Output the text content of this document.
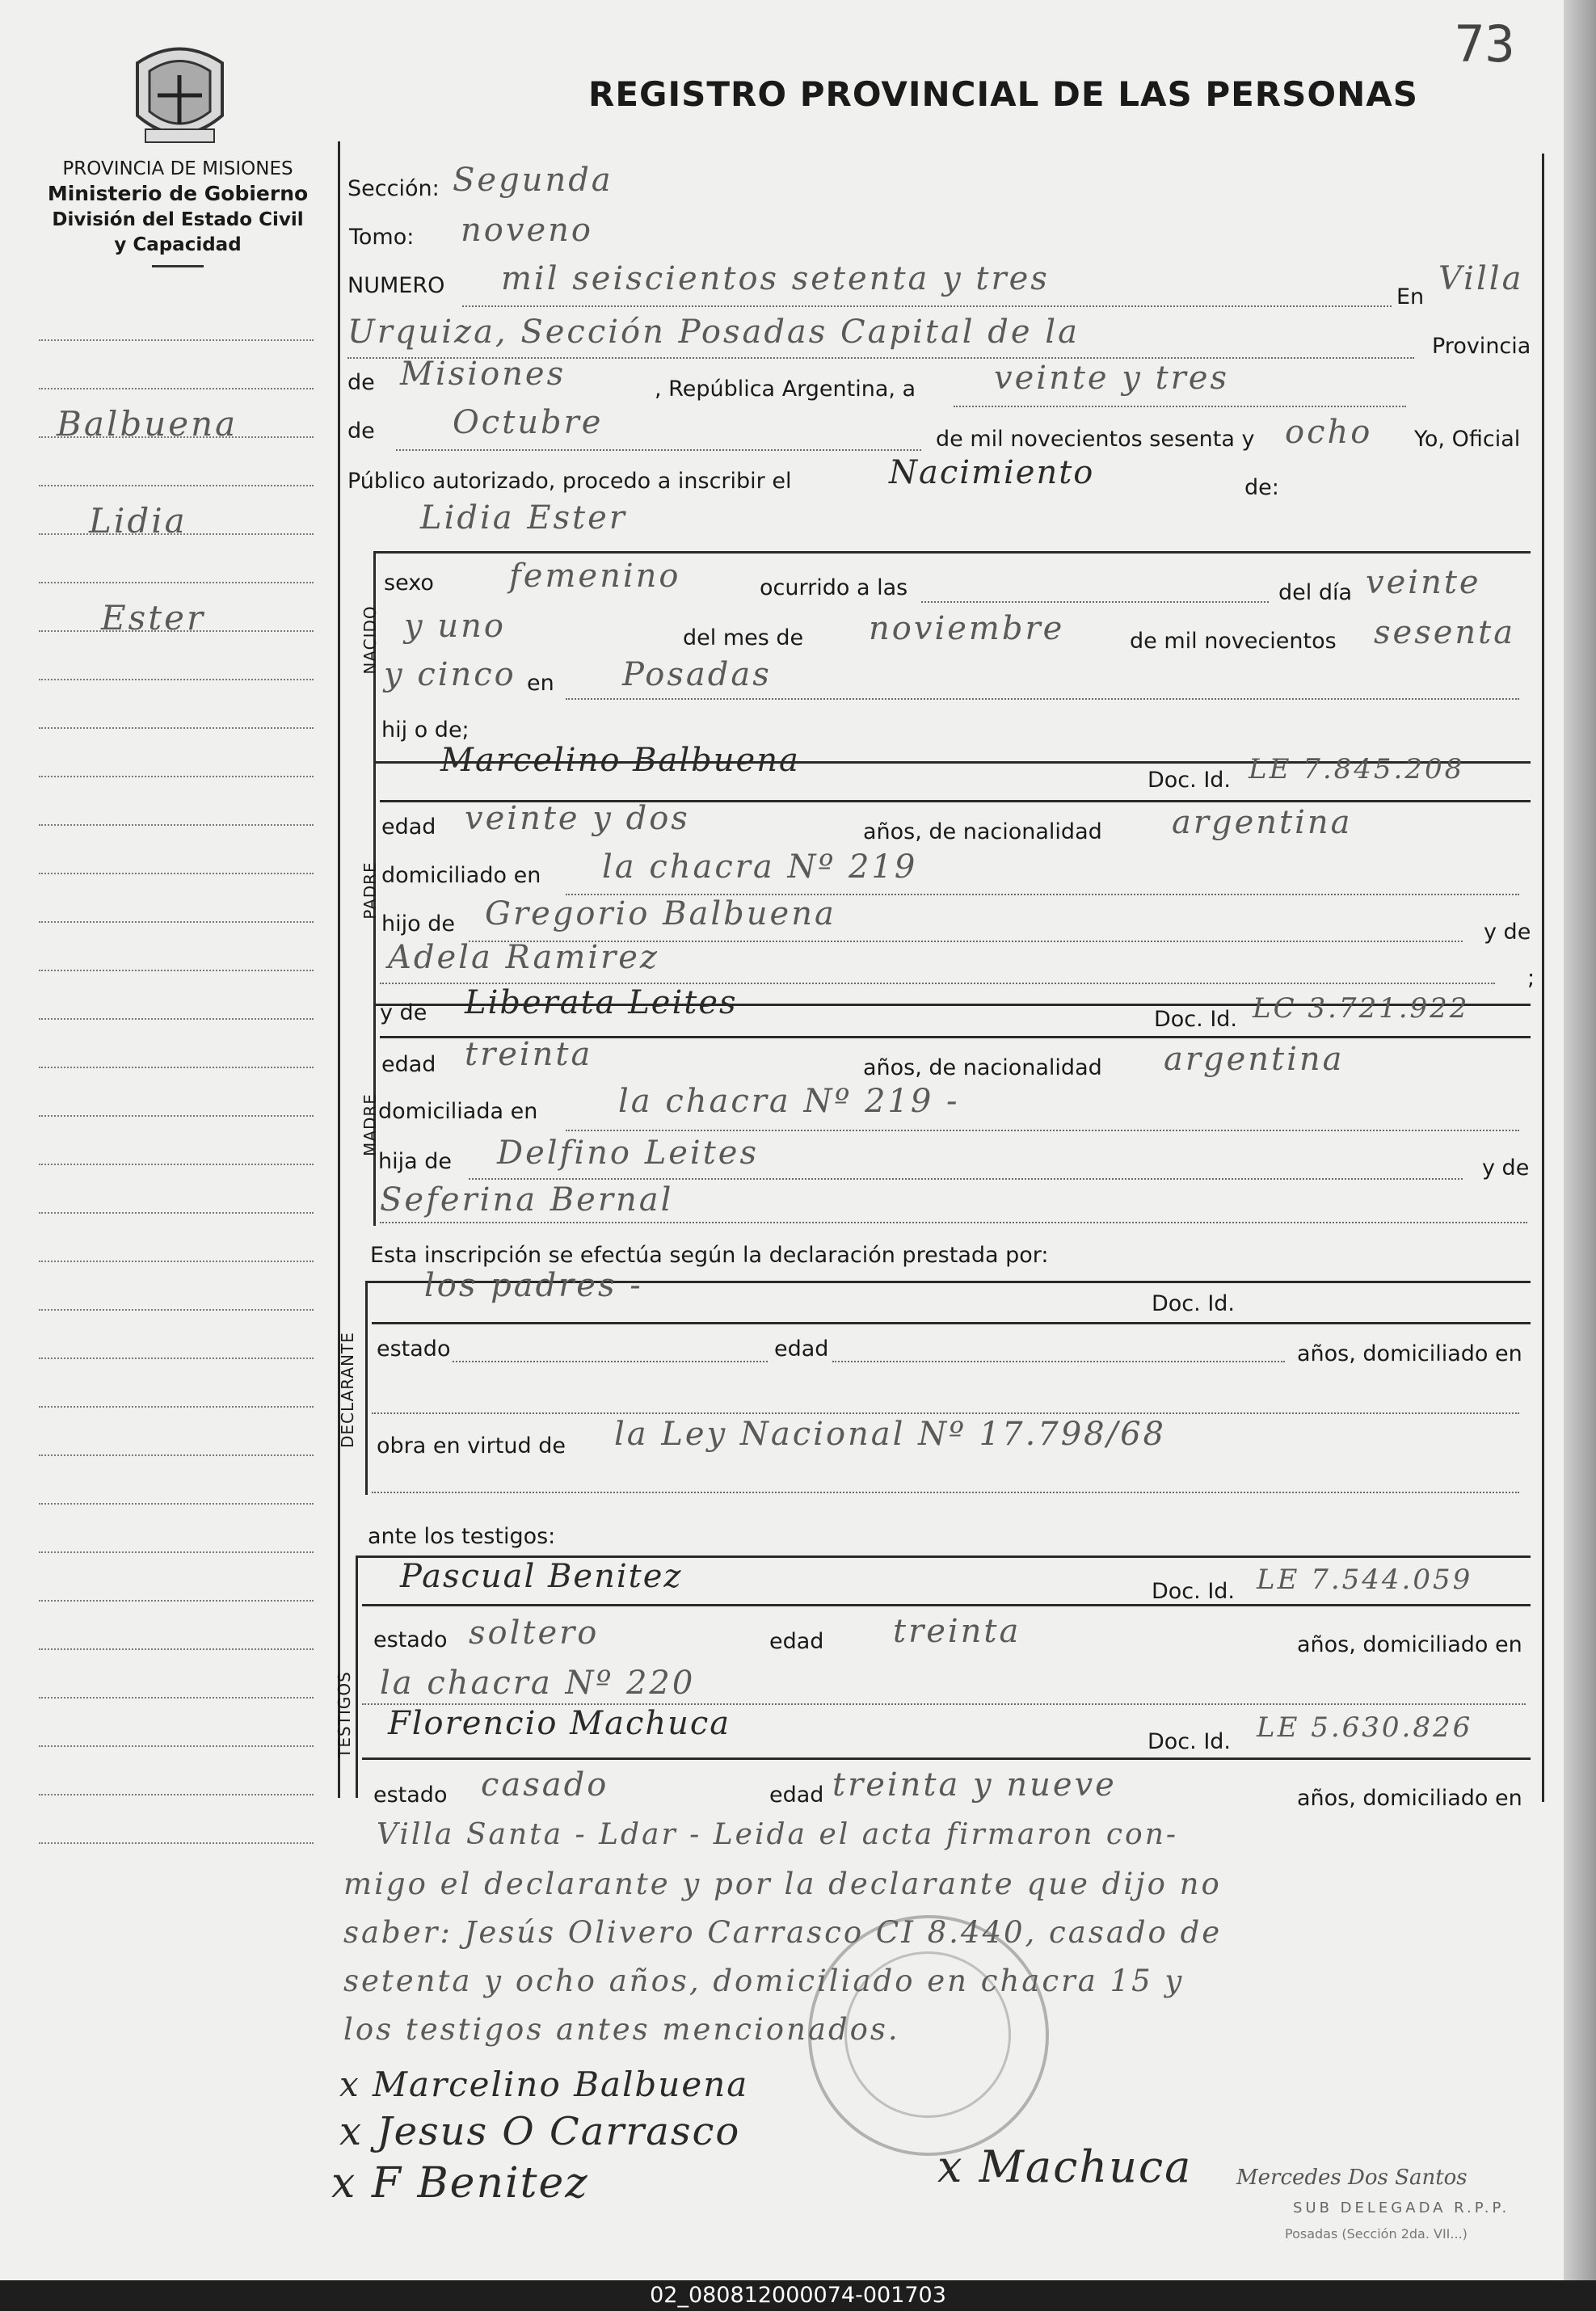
73
REGISTRO PROVINCIAL DE LAS PERSONAS
PROVINCIA DE MISIONES
Ministerio de Gobierno
División del Estado Civil
y Capacidad
Balbuena
Lidia
Ester
Sección: Segunda
Tomo: noveno
NUMERO mil seiscientos setenta y tres	En Villa
Urquiza, Sección Posadas Capital de la	Provincia
de Misiones	, República Argentina, a veinte y tres
de Octubre	de mil novecientos sesenta y ocho Yo, Oficial
Público autorizado, procedo a inscribir el	Nacimiento	de:
Lidia Ester
NACIDO
sexo femenino	ocurrido a las	del día veinte
y uno	del mes de noviembre	de mil novecientos sesenta
y cinco en Posadas
hij o de;
PADRE
Marcelino Balbuena
Doc. Id. LE 7.845.208
edad veinte y dos	años, de nacionalidad argentina
domiciliado en la chacra Nº 219
hijo de Gregorio Balbuena	y de
Adela Ramirez
;
MADRE
y de Liberata Leites	Doc. Id. LC 3.721.922
edad treinta	años, de nacionalidad argentina
domiciliada en la chacra Nº 219 -
hija de Delfino Leites	y de
Seferina Bernal
Esta inscripción se efectúa según la declaración prestada por:
DECLARANTE
los padres -	Doc. Id.
estado	edad	años, domiciliado en
obra en virtud de la Ley Nacional Nº 17.798/68
ante los testigos:
TESTIGOS
Pascual Benitez	Doc. Id. LE 7.544.059
estado soltero	edad treinta	años, domiciliado en
la chacra Nº 220
Florencio Machuca	Doc. Id. LE 5.630.826
estado casado	edad treinta y nueve	años, domiciliado en
Villa Santa - Ldar - Leida el acta firmaron con-
migo el declarante y por la declarante que dijo no
saber: Jesús Olivero Carrasco CI 8.440, casado de
setenta y ocho años, domiciliado en chacra 15 y
los testigos antes mencionados.
x Marcelino Balbuena
x Jesus O Carrasco
x F Benitez	x Machuca Mercedes Dos Santos
SUB DELEGADA R.P.P.
Posadas (Sección 2da. VII...)
02_080812000074-001703
